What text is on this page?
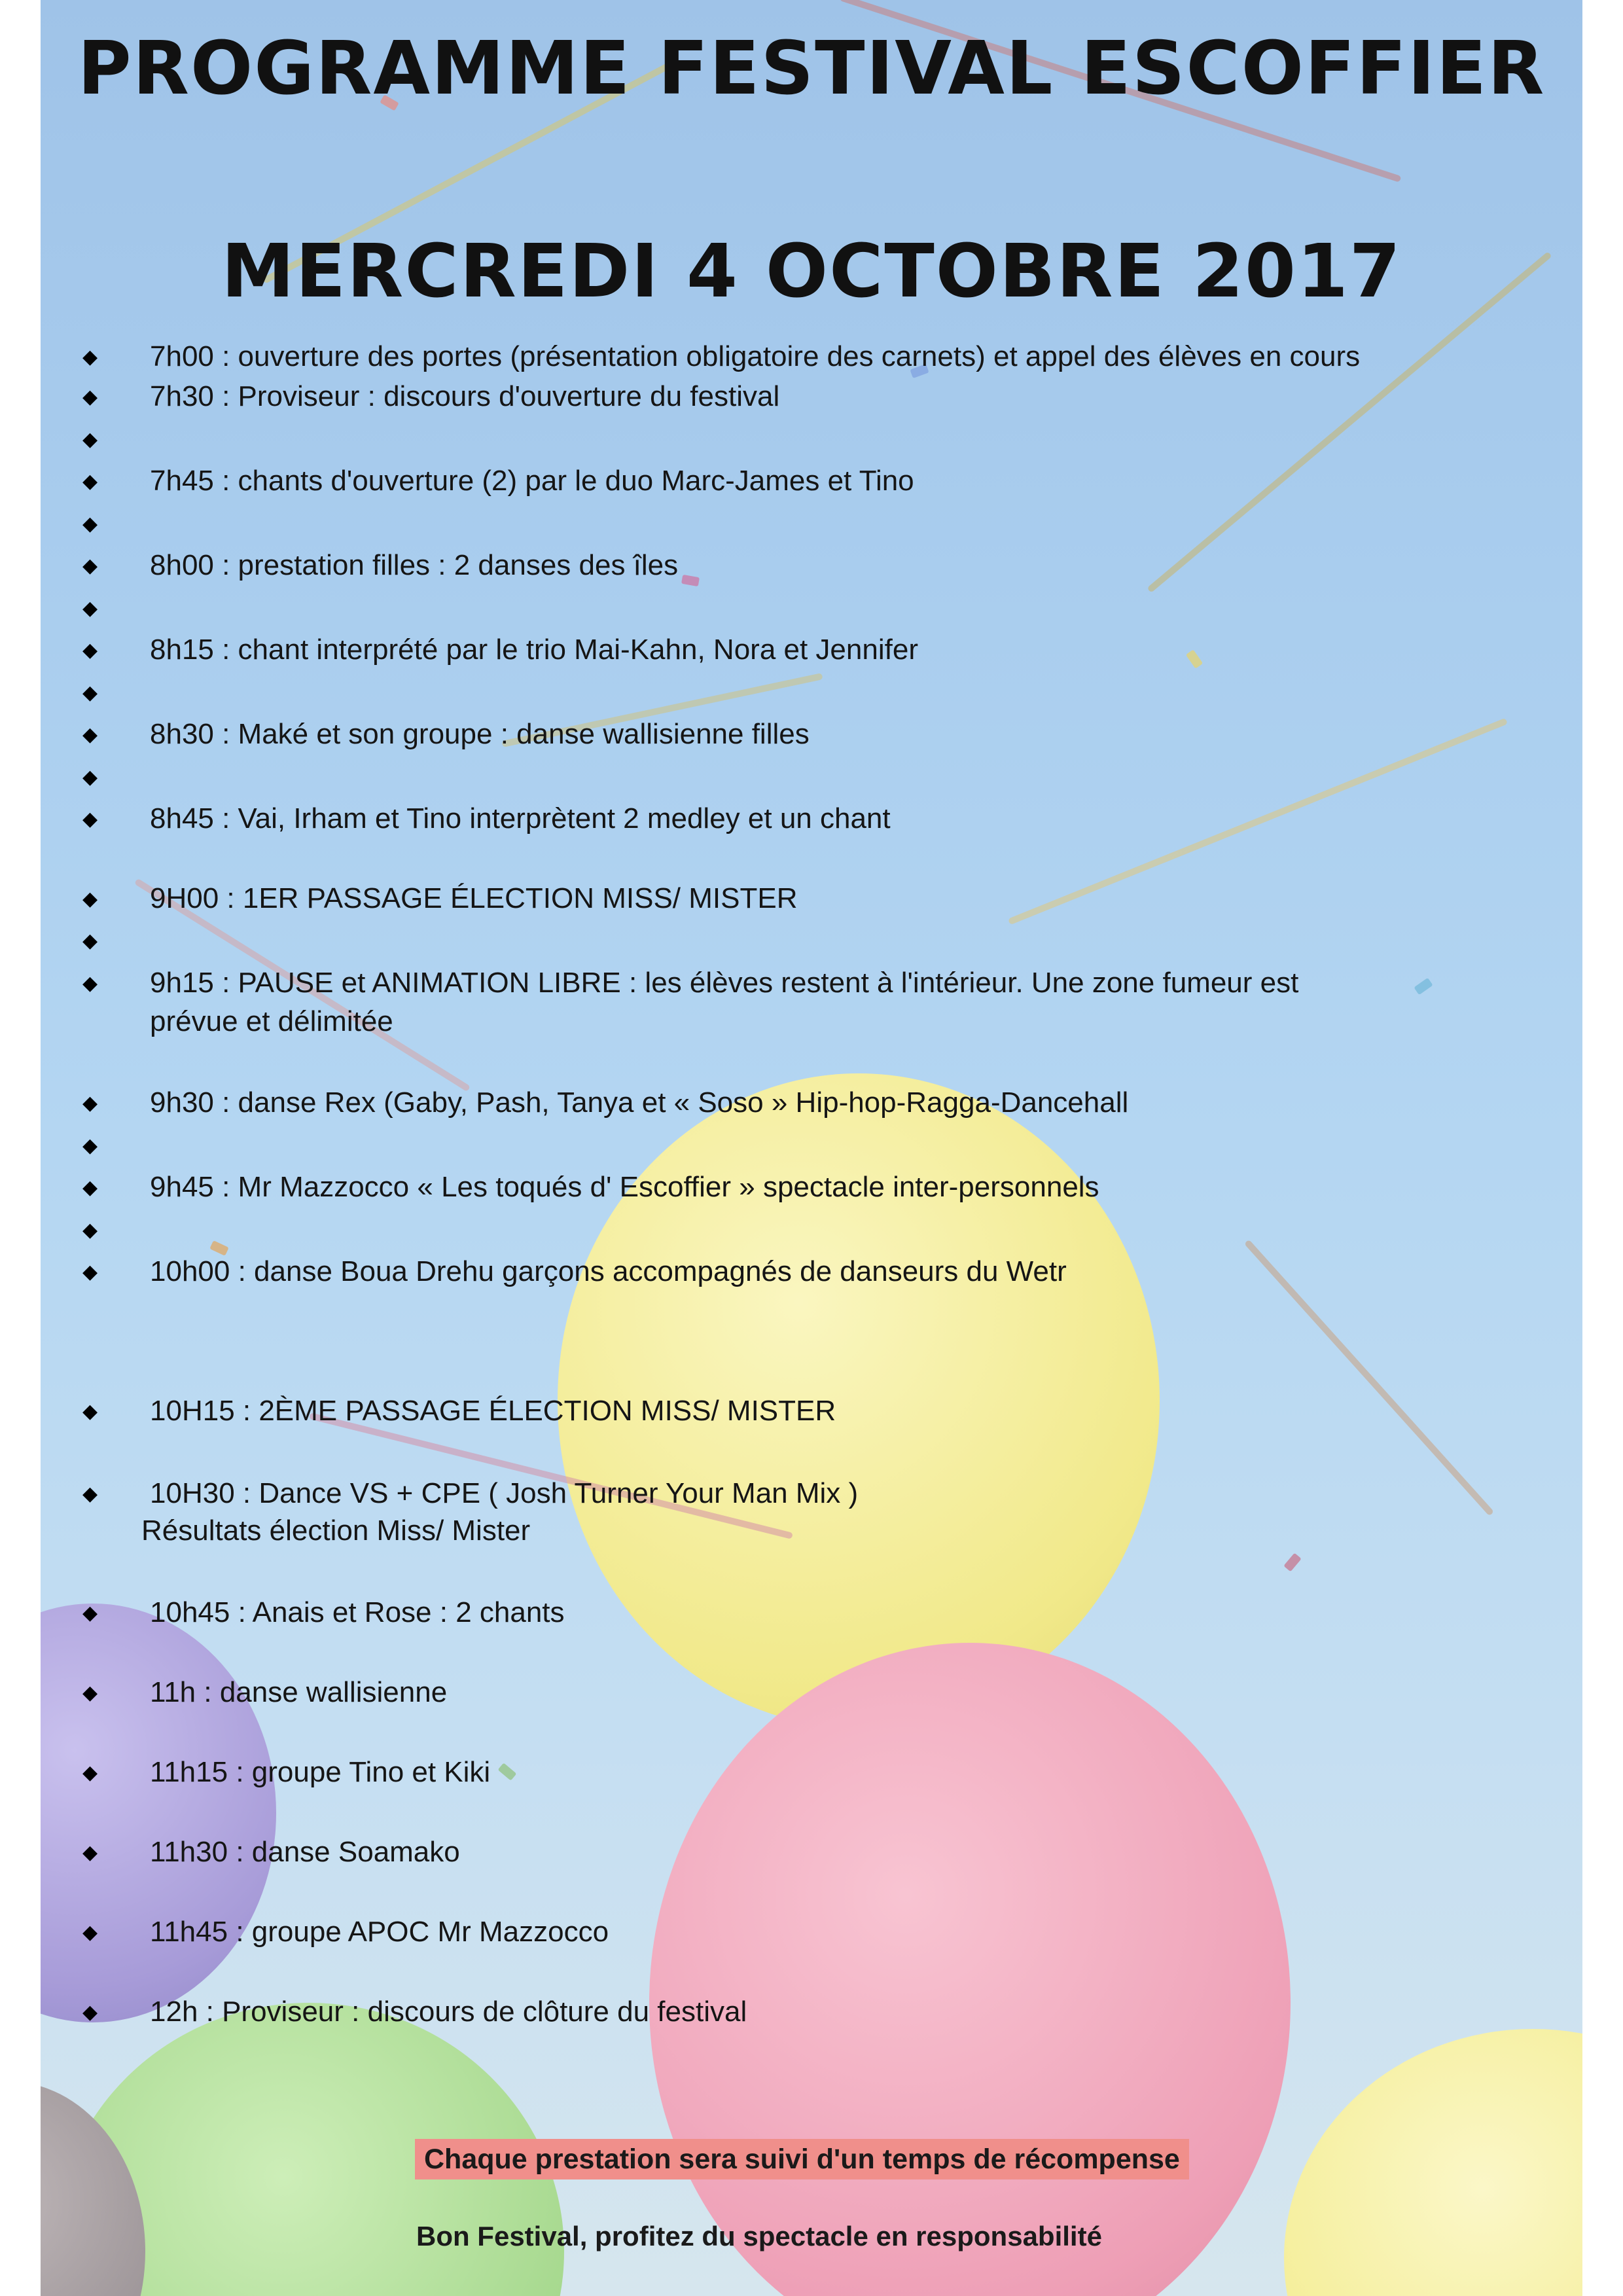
PROGRAMME FESTIVAL ESCOFFIER
MERCREDI 4 OCTOBRE 2017
◆
◆
◆
◆
◆
◆
◆
◆
◆
◆
◆
◆
◆
◆
◆
◆
◆
◆
◆
◆
◆
◆
◆
◆
◆
◆
◆
◆
7h00 : ouverture des portes (présentation obligatoire des carnets) et appel des élèves en cours
7h30 : Proviseur : discours d'ouverture du festival
7h45 : chants d'ouverture (2) par le duo Marc-James et Tino
8h00 : prestation filles : 2 danses des îles
8h15 : chant interprété par le trio Mai-Kahn, Nora et Jennifer
8h30 : Maké et son groupe : danse wallisienne filles
8h45 : Vai, Irham et Tino interprètent 2 medley et un chant
9H00 : 1ER PASSAGE ÉLECTION MISS/ MISTER
9h15 : PAUSE et ANIMATION LIBRE : les élèves restent à l'intérieur. Une zone fumeur est
prévue et délimitée
9h30 : danse Rex (Gaby, Pash, Tanya et « Soso » Hip-hop-Ragga-Dancehall
9h45 : Mr Mazzocco « Les toqués d' Escoffier » spectacle inter-personnels
10h00 : danse Boua Drehu garçons accompagnés de danseurs du Wetr
10H15 : 2ÈME PASSAGE ÉLECTION MISS/ MISTER
10H30 : Dance VS + CPE ( Josh Turner Your Man Mix )
Résultats élection Miss/ Mister
10h45 : Anais et Rose : 2 chants
11h : danse wallisienne
11h15 : groupe Tino et Kiki
11h30 : danse Soamako
11h45 : groupe APOC Mr Mazzocco
12h : Proviseur : discours de clôture du festival
Chaque prestation sera suivi d'un temps de récompense
Bon Festival, profitez du spectacle en responsabilité
